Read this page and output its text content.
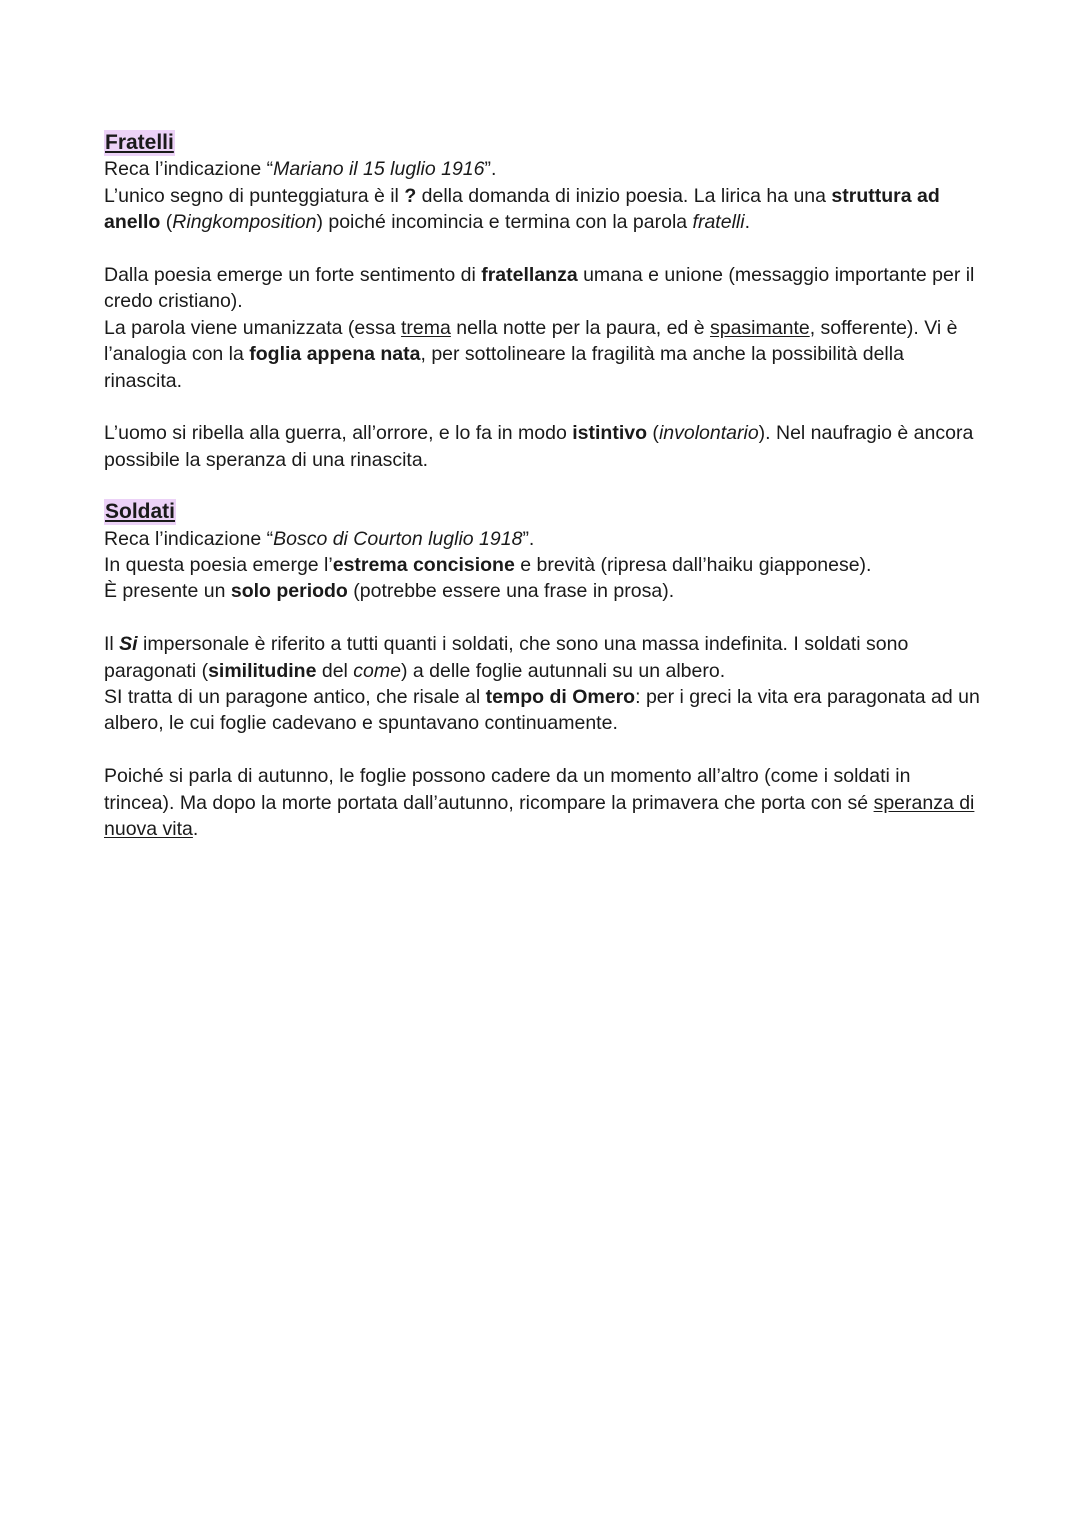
Fratelli

Reca l’indicazione “Mariano il 15 luglio 1916”.
L’unico segno di punteggiatura è il ? della domanda di inizio poesia. La lirica ha una struttura ad anello (Ringkomposition) poiché incomincia e termina con la parola fratelli.

Dalla poesia emerge un forte sentimento di fratellanza umana e unione (messaggio importante per il credo cristiano).
La parola viene umanizzata (essa trema nella notte per la paura, ed è spasimante, sofferente). Vi è l’analogia con la foglia appena nata, per sottolineare la fragilità ma anche la possibilità della rinascita.

L’uomo si ribella alla guerra, all’orrore, e lo fa in modo istintivo (involontario). Nel naufragio è ancora possibile la speranza di una rinascita.

Soldati

Reca l’indicazione “Bosco di Courton luglio 1918”.
In questa poesia emerge l’estrema concisione e brevità (ripresa dall’haiku giapponese).
È presente un solo periodo (potrebbe essere una frase in prosa).

Il Si impersonale è riferito a tutti quanti i soldati, che sono una massa indefinita. I soldati sono paragonati (similitudine del come) a delle foglie autunnali su un albero.
SI tratta di un paragone antico, che risale al tempo di Omero: per i greci la vita era paragonata ad un albero, le cui foglie cadevano e spuntavano continuamente.

Poiché si parla di autunno, le foglie possono cadere da un momento all’altro (come i soldati in trincea). Ma dopo la morte portata dall’autunno, ricompare la primavera che porta con sé speranza di nuova vita.
